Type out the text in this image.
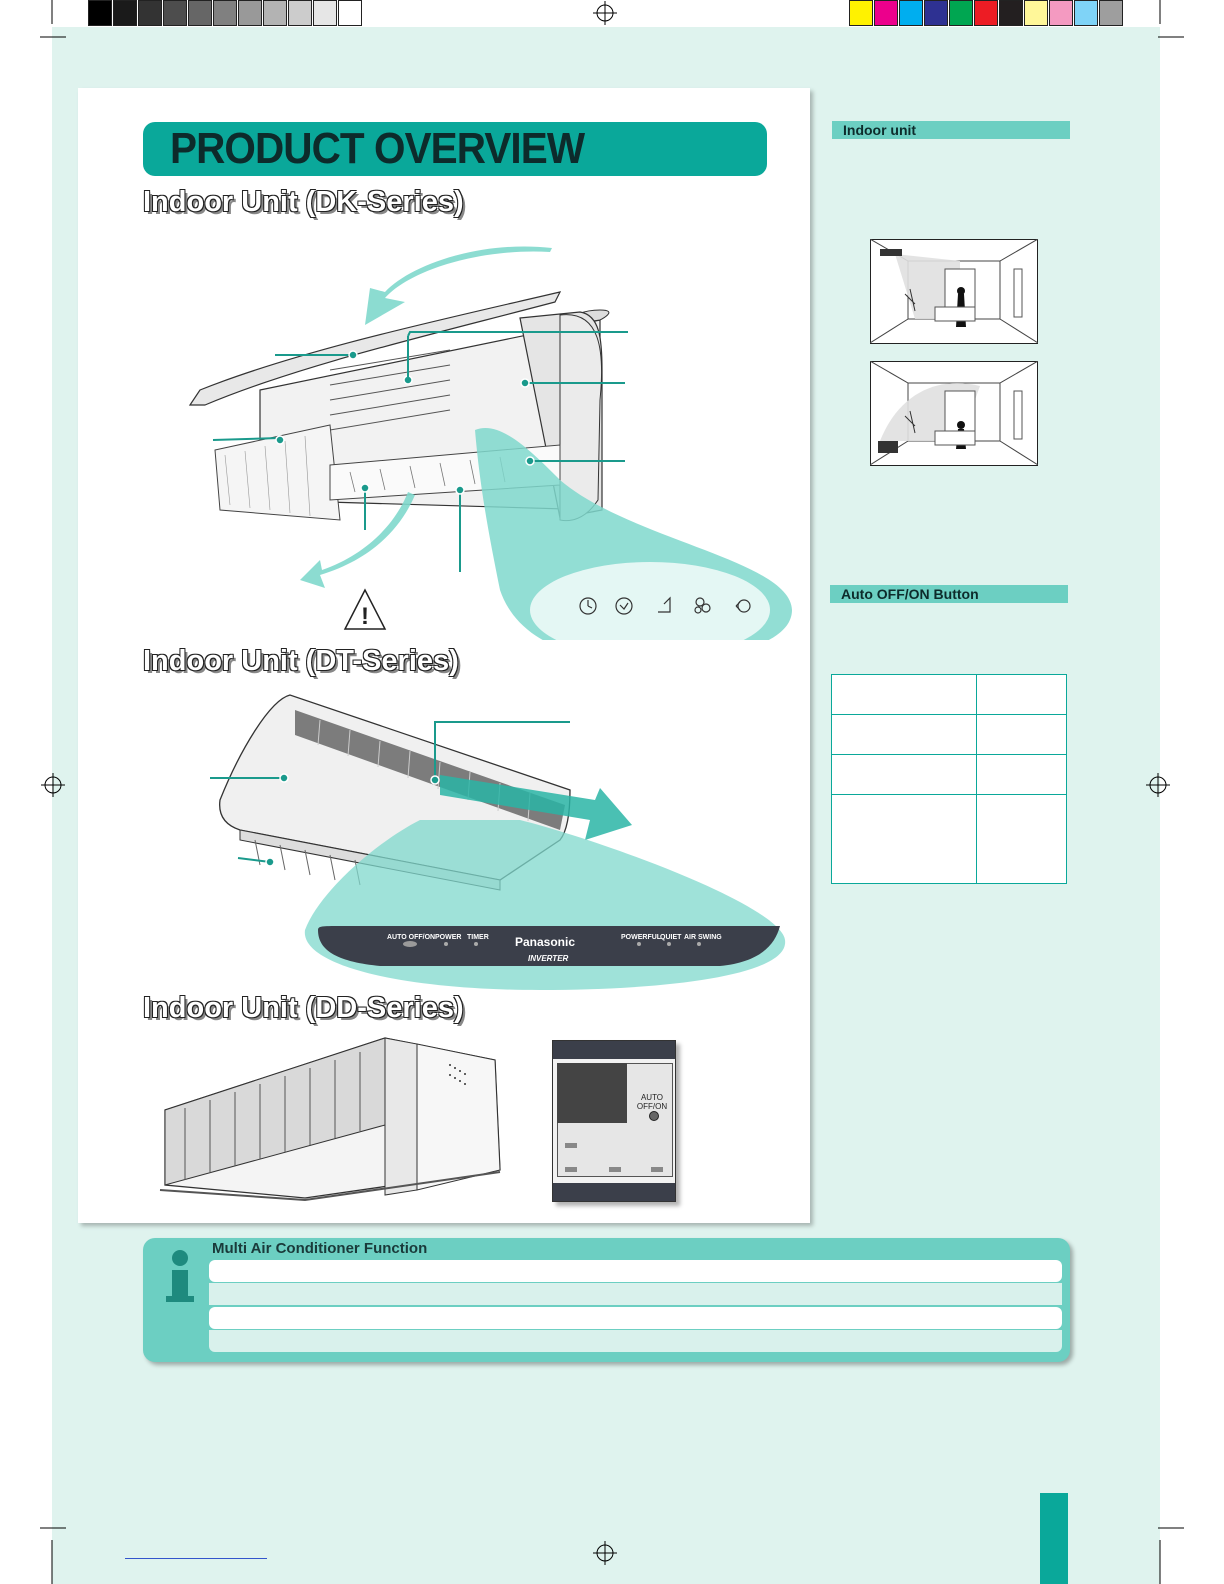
PRODUCT OVERVIEW
Indoor Unit (DK-Series)
Indoor Unit (DT-Series)
Indoor Unit (DD-Series)
!
AUTO OFF/ON POWER TIMER Panasonic
INVERTER
POWERFUL
QUIET AIR SWING
AUTO
OFF/ON
Indoor unit
Auto OFF/ON Button
Multi Air Conditioner Function
